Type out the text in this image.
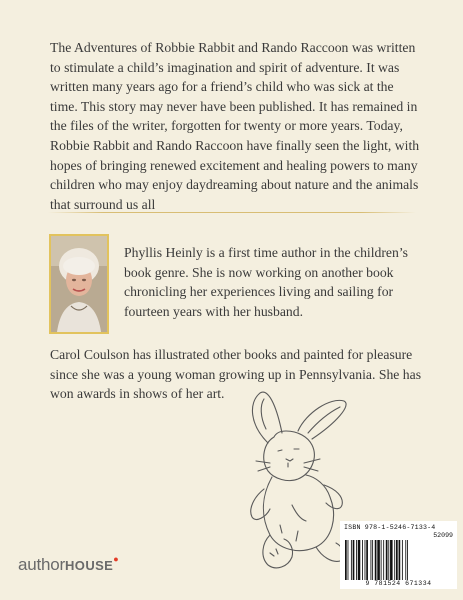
The Adventures of Robbie Rabbit and Rando Raccoon was written to stimulate a child’s imagination and spirit of adventure. It was written many years ago for a friend’s child who was sick at the time. This story may never have been published. It has remained in the files of the writer, forgotten for twenty or more years. Today, Robbie Rabbit and Rando Raccoon have finally seen the light, with hopes of bringing renewed excitement and healing powers to many children who may enjoy daydreaming about nature and the animals that surround us all

Phyllis Heinly is a first time author in the children’s book genre. She is now working on another book chronicling her experiences living and sailing for fourteen years with her husband.

Carol Coulson has illustrated other books and painted for pleasure since she was a young woman growing up in Pennsylvania. She has won awards in shows of her art.

ISBN 978-1-5246-7133-4
52099
9 781524 671334
authorHOUSE●
